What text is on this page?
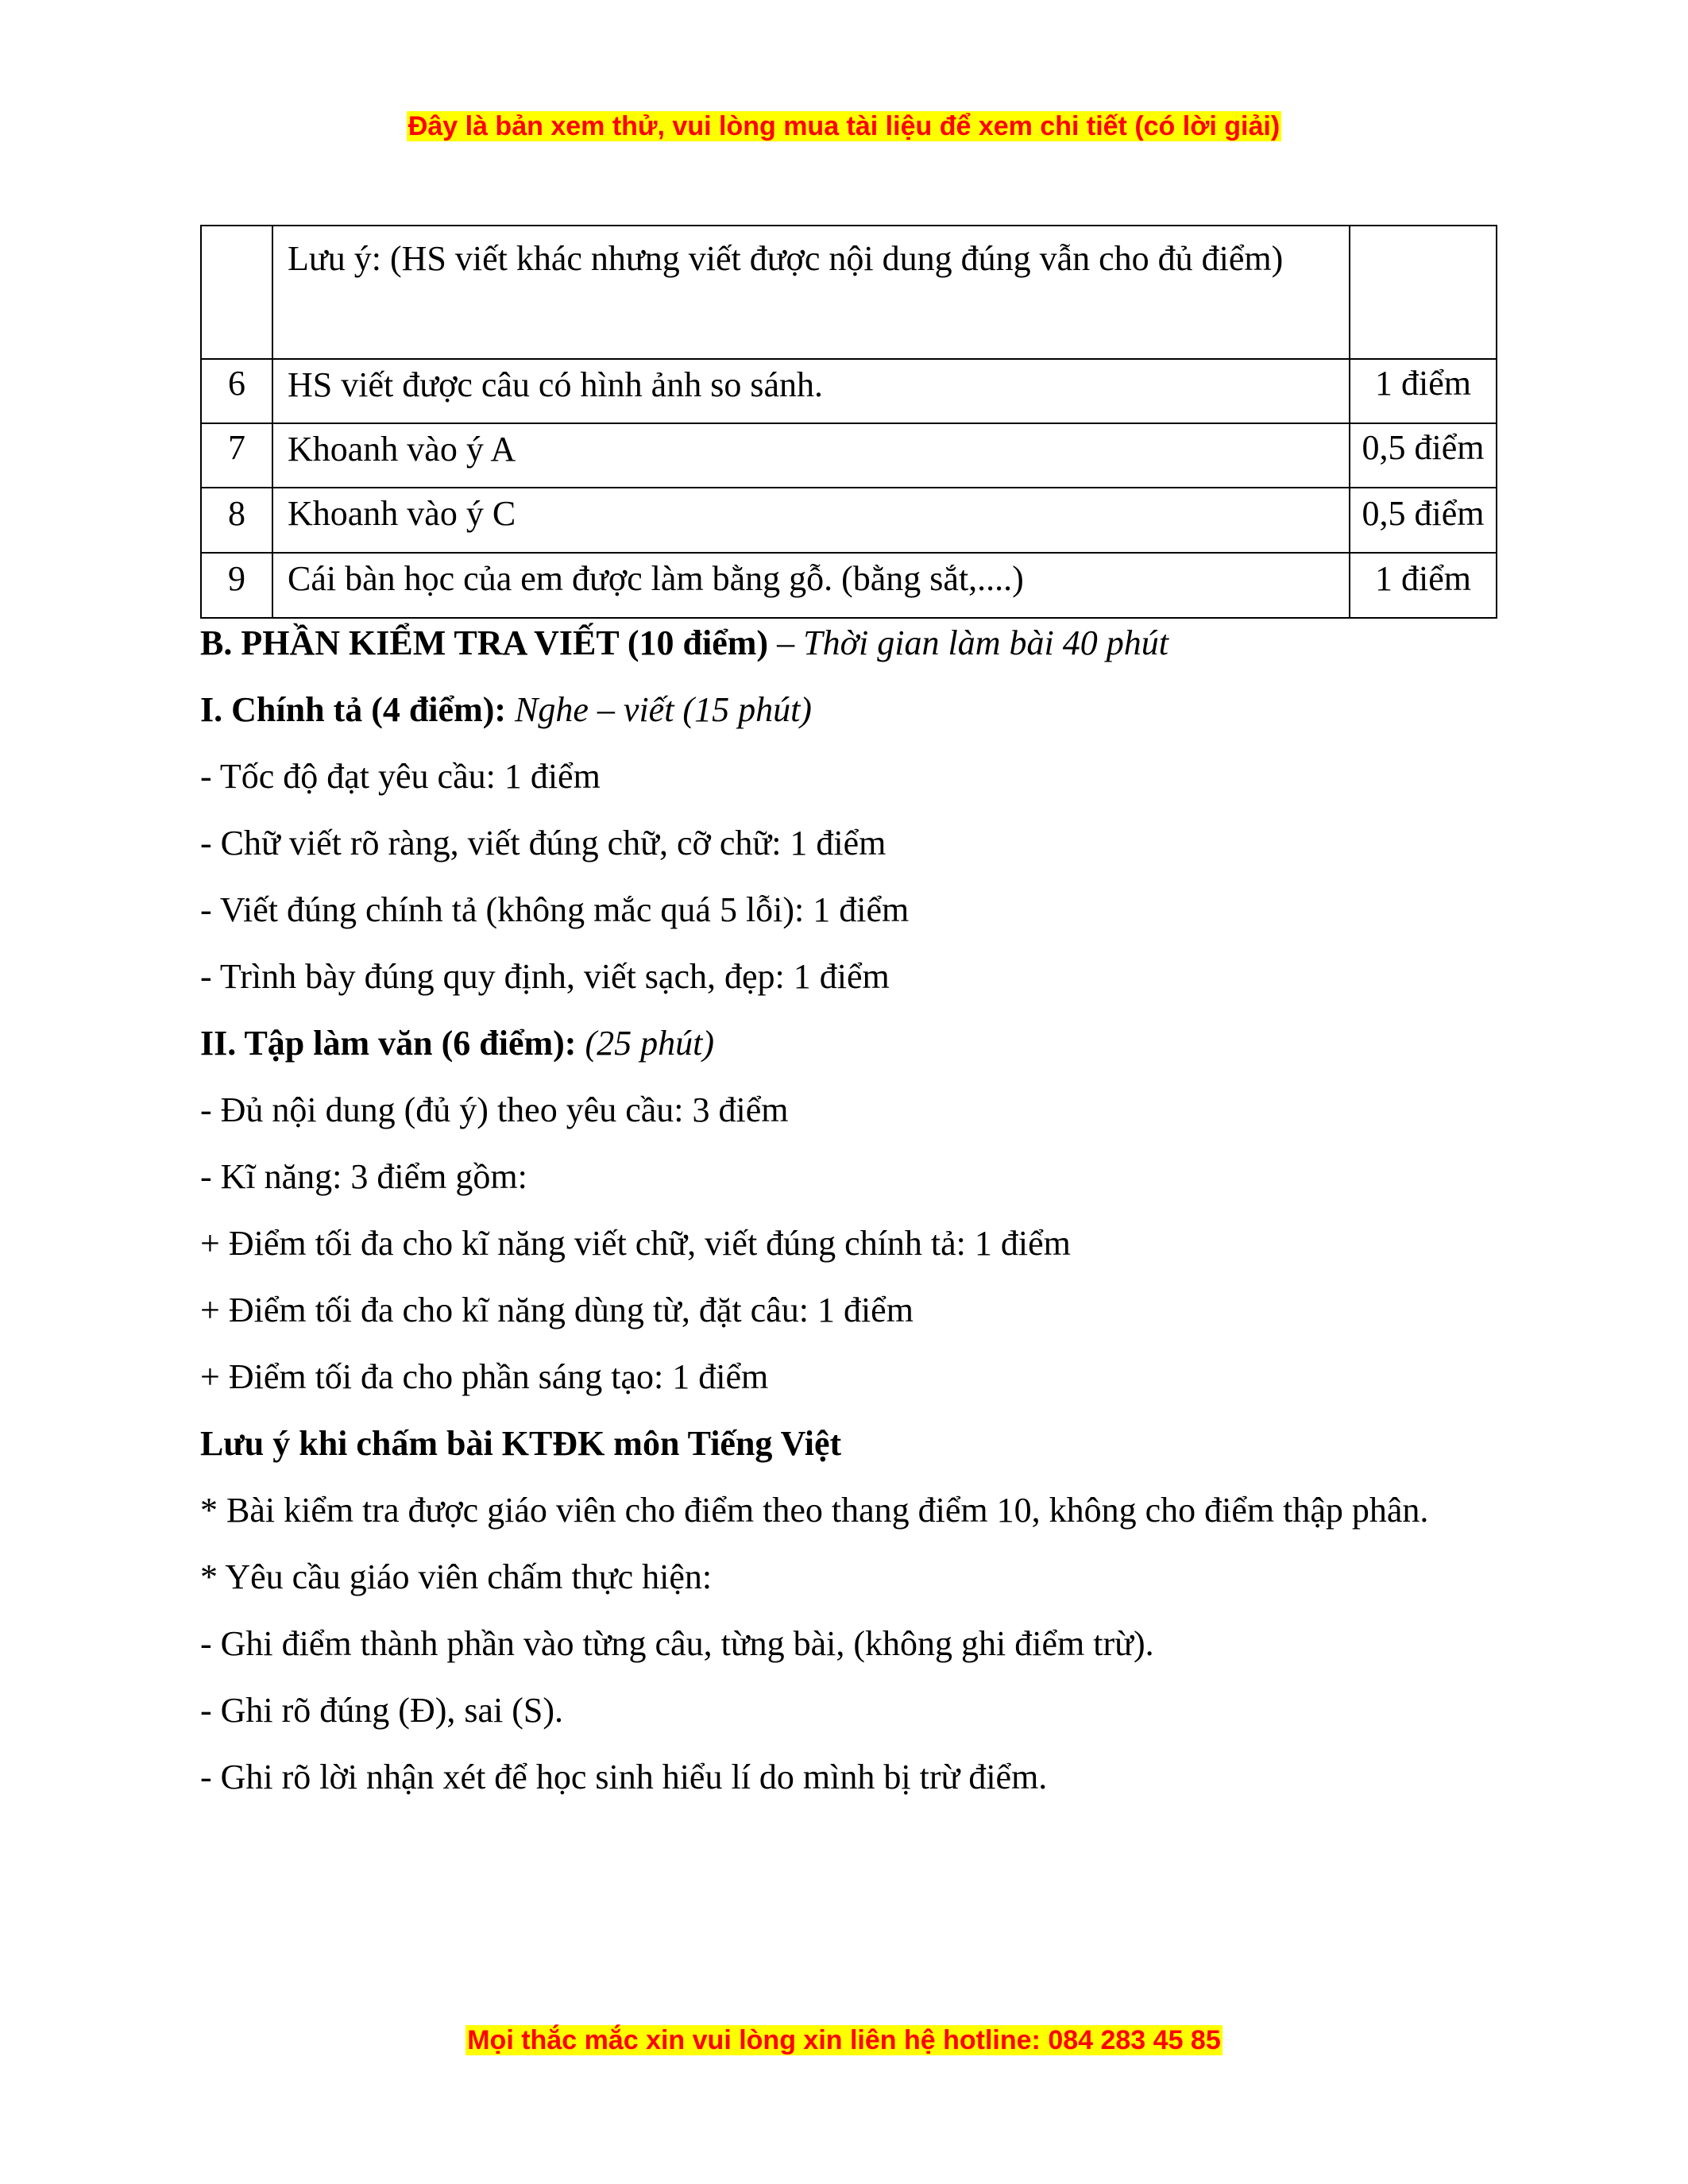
Đây là bản xem thử, vui lòng mua tài liệu để xem chi tiết (có lời giải)
	Lưu ý: (HS viết khác nhưng viết được nội dung đúng vẫn cho đủ điểm)	
6	HS viết được câu có hình ảnh so sánh.	1 điểm
7	Khoanh vào ý A	0,5 điểm
8	Khoanh vào ý C	0,5 điểm
9	Cái bàn học của em được làm bằng gỗ. (bằng sắt,....)	1 điểm

B. PHẦN KIỂM TRA VIẾT (10 điểm) – Thời gian làm bài 40 phút

I. Chính tả (4 điểm): Nghe – viết (15 phút)

- Tốc độ đạt yêu cầu: 1 điểm

- Chữ viết rõ ràng, viết đúng chữ, cỡ chữ: 1 điểm

- Viết đúng chính tả (không mắc quá 5 lỗi): 1 điểm

- Trình bày đúng quy định, viết sạch, đẹp: 1 điểm

II. Tập làm văn (6 điểm): (25 phút)

- Đủ nội dung (đủ ý) theo yêu cầu: 3 điểm

- Kĩ năng: 3 điểm gồm:

+ Điểm tối đa cho kĩ năng viết chữ, viết đúng chính tả: 1 điểm

+ Điểm tối đa cho kĩ năng dùng từ, đặt câu: 1 điểm

+ Điểm tối đa cho phần sáng tạo: 1 điểm

Lưu ý khi chấm bài KTĐK môn Tiếng Việt

* Bài kiểm tra được giáo viên cho điểm theo thang điểm 10, không cho điểm thập phân.

* Yêu cầu giáo viên chấm thực hiện:

- Ghi điểm thành phần vào từng câu, từng bài, (không ghi điểm trừ).

- Ghi rõ đúng (Đ), sai (S).

- Ghi rõ lời nhận xét để học sinh hiểu lí do mình bị trừ điểm.

Mọi thắc mắc xin vui lòng xin liên hệ hotline: 084 283 45 85
